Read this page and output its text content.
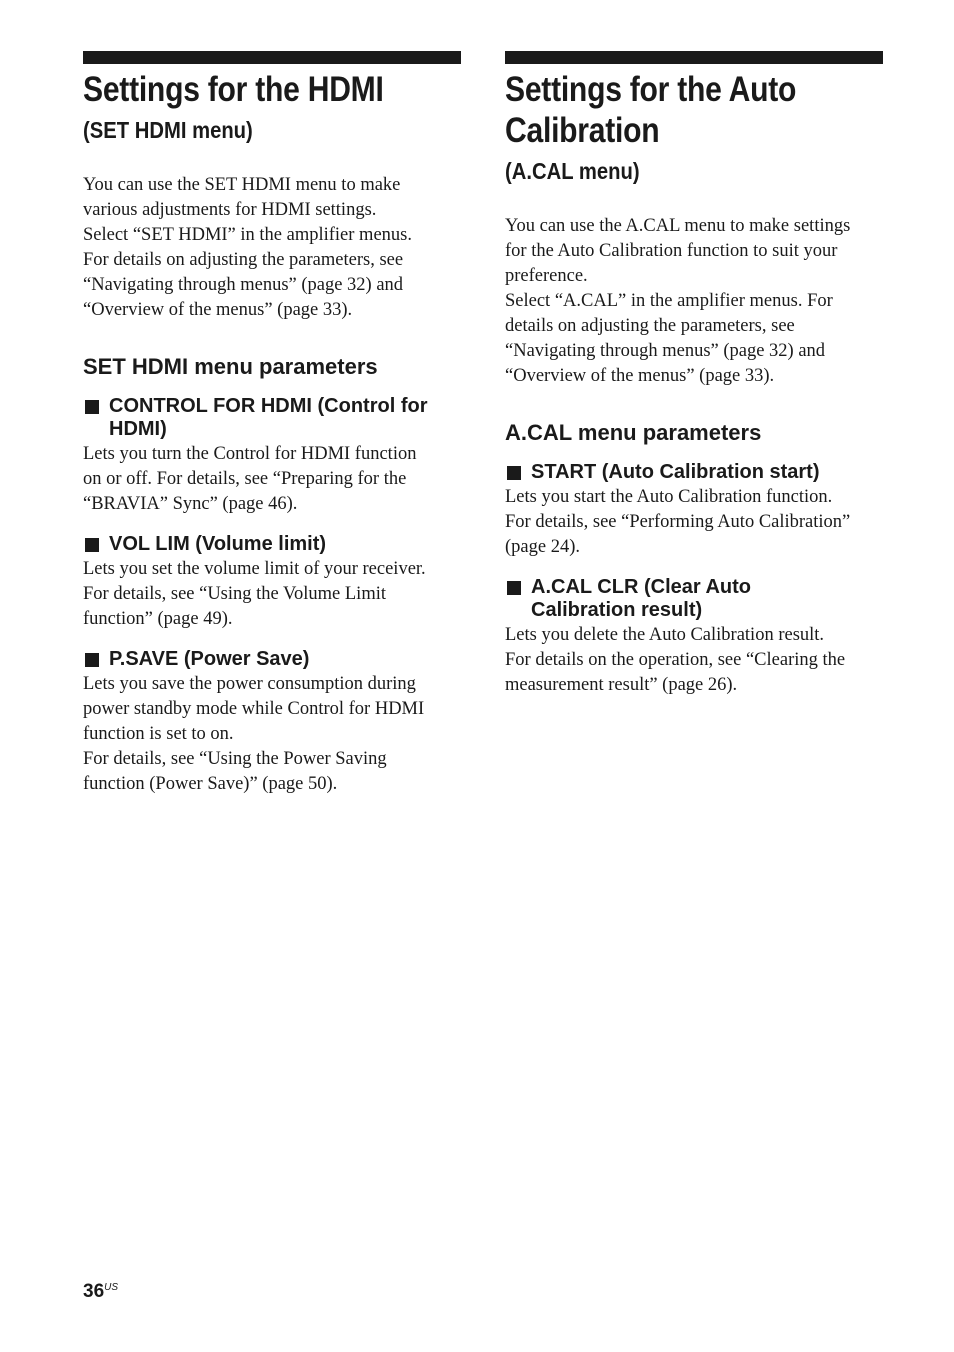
Settings for the HDMI
(SET HDMI menu)

You can use the SET HDMI menu to make
various adjustments for HDMI settings.
Select “SET HDMI” in the amplifier menus.
For details on adjusting the parameters, see
“Navigating through menus” (page 32) and
“Overview of the menus” (page 33).

SET HDMI menu parameters
CONTROL FOR HDMI (Control for HDMI)

Lets you turn the Control for HDMI function
on or off. For details, see “Preparing for the
“BRAVIA” Sync” (page 46).

VOL LIM (Volume limit)

Lets you set the volume limit of your receiver.
For details, see “Using the Volume Limit
function” (page 49).

P.SAVE (Power Save)

Lets you save the power consumption during
power standby mode while Control for HDMI
function is set to on.
For details, see “Using the Power Saving
function (Power Save)” (page 50).

Settings for the Auto Calibration
(A.CAL menu)

You can use the A.CAL menu to make settings
for the Auto Calibration function to suit your
preference.
Select “A.CAL” in the amplifier menus. For
details on adjusting the parameters, see
“Navigating through menus” (page 32) and
“Overview of the menus” (page 33).

A.CAL menu parameters
START (Auto Calibration start)

Lets you start the Auto Calibration function.
For details, see “Performing Auto Calibration”
(page 24).

A.CAL CLR (Clear Auto Calibration result)

Lets you delete the Auto Calibration result.
For details on the operation, see “Clearing the
measurement result” (page 26).

$36^{US}$
